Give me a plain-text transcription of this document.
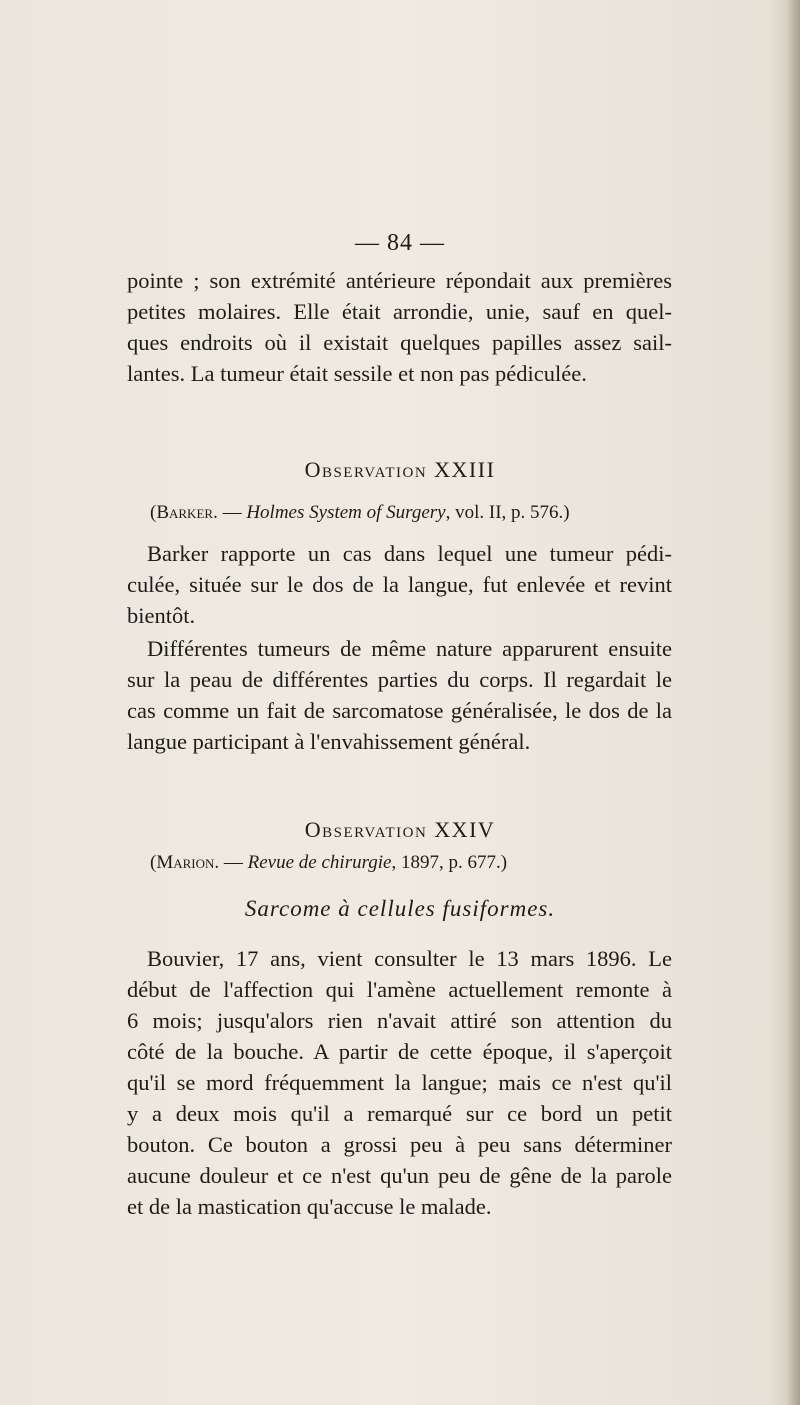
— 84 —

pointe ; son extrémité antérieure répondait aux premières
petites molaires. Elle était arrondie, unie, sauf en quel-
ques endroits où il existait quelques papilles assez sail-
lantes. La tumeur était sessile et non pas pédiculée.

Observation XXIII
(Barker. — Holmes System of Surgery, vol. II, p. 576.)

Barker rapporte un cas dans lequel une tumeur pédi-
culée, située sur le dos de la langue, fut enlevée et revint
bientôt.

Différentes tumeurs de même nature apparurent ensuite
sur la peau de différentes parties du corps. Il regardait le
cas comme un fait de sarcomatose généralisée, le dos de la
langue participant à l'envahissement général.

Observation XXIV
(Marion. — Revue de chirurgie, 1897, p. 677.)
Sarcome à cellules fusiformes.

Bouvier, 17 ans, vient consulter le 13 mars 1896. Le
début de l'affection qui l'amène actuellement remonte à
6 mois; jusqu'alors rien n'avait attiré son attention du
côté de la bouche. A partir de cette époque, il s'aperçoit
qu'il se mord fréquemment la langue; mais ce n'est qu'il
y a deux mois qu'il a remarqué sur ce bord un petit
bouton. Ce bouton a grossi peu à peu sans déterminer
aucune douleur et ce n'est qu'un peu de gêne de la parole
et de la mastication qu'accuse le malade.
